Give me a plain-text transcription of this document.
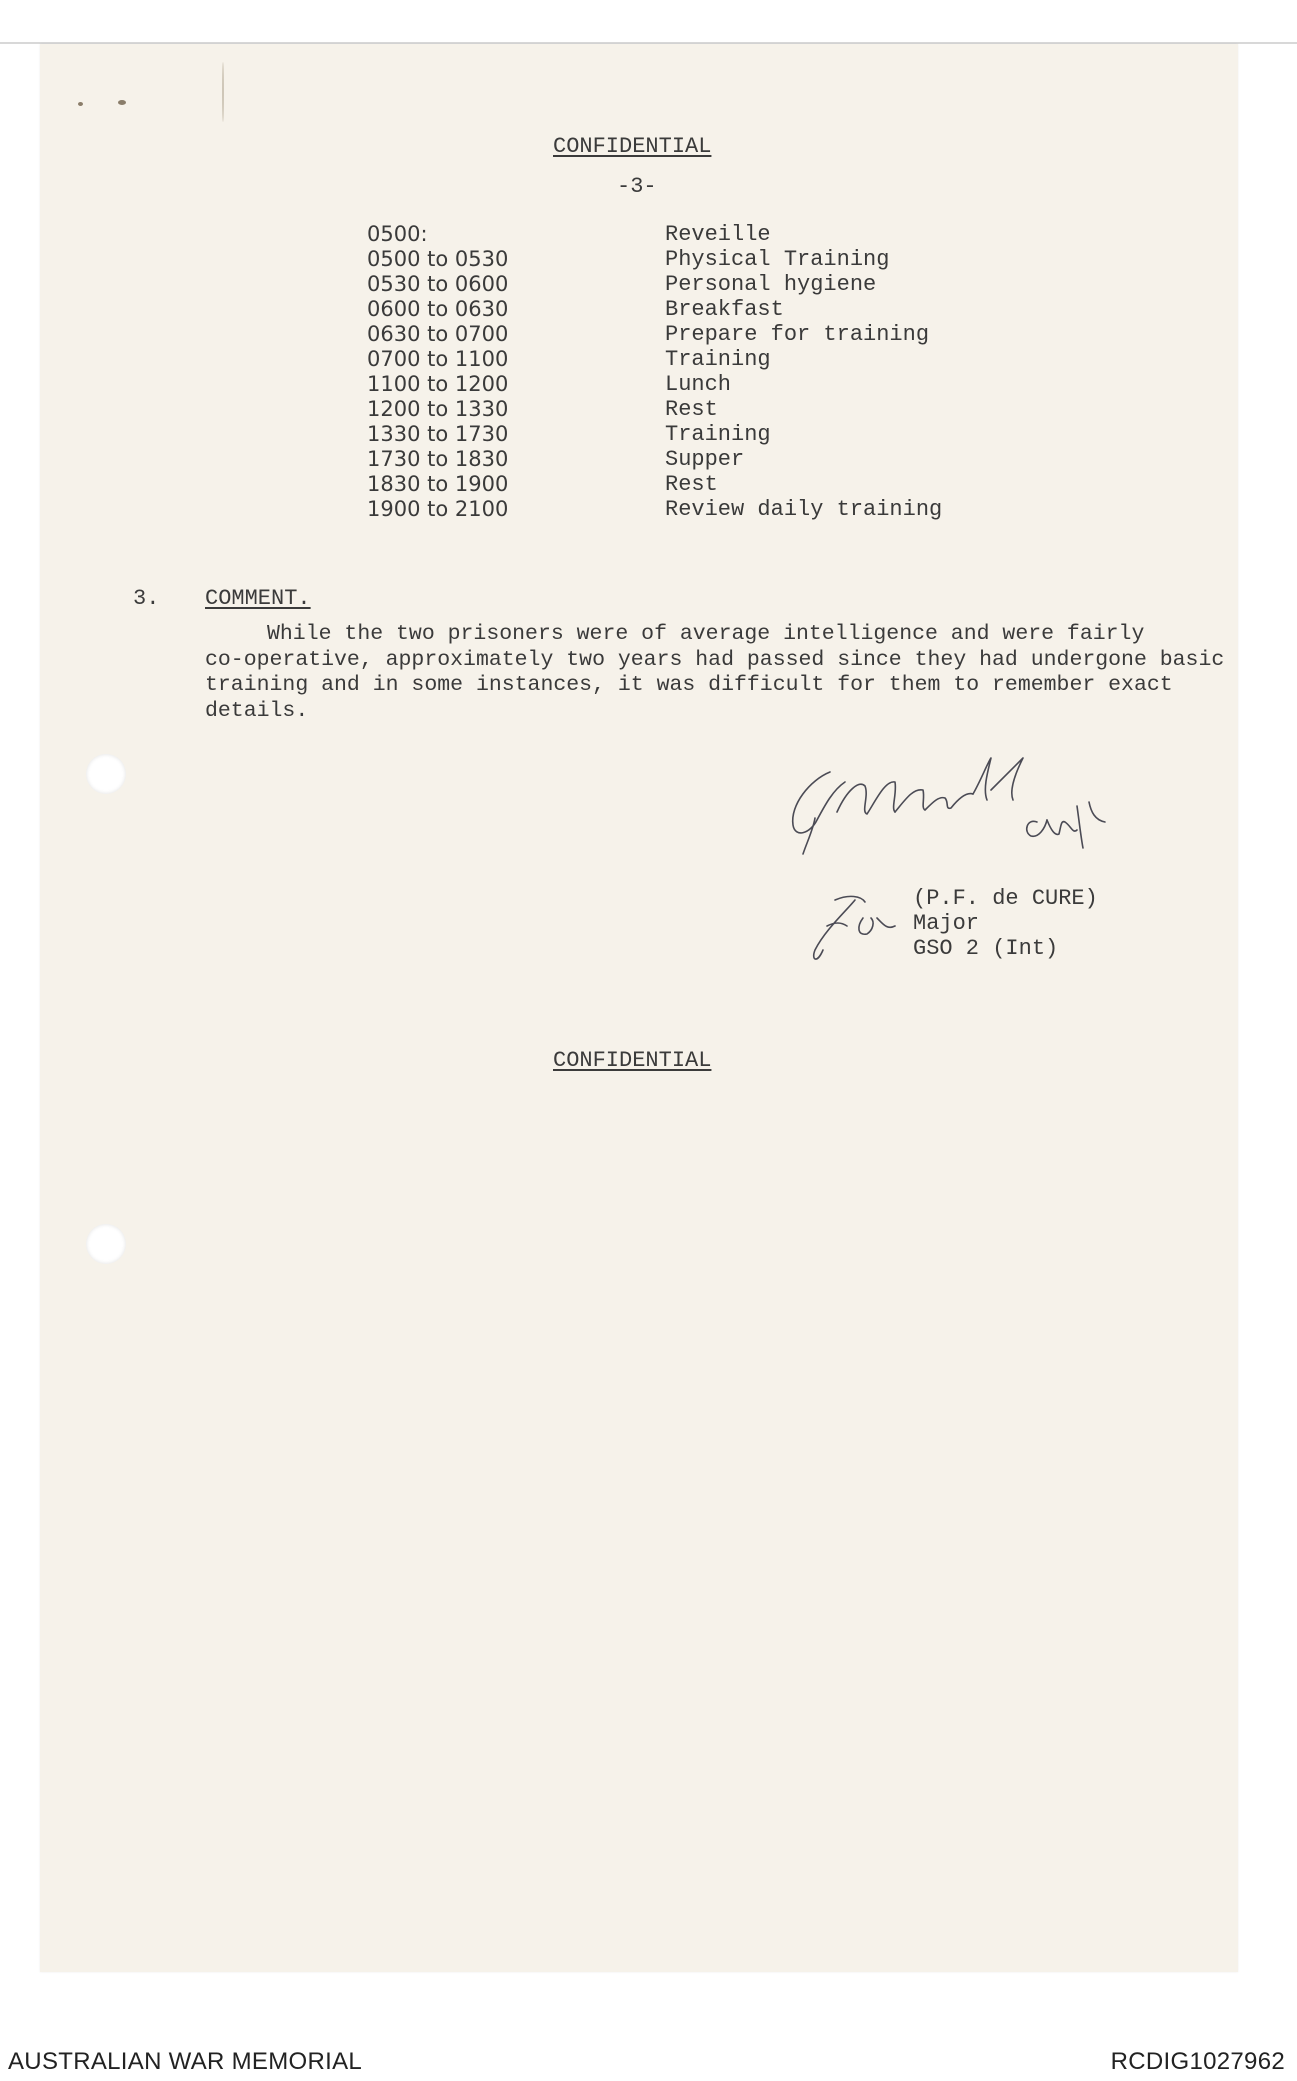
CONFIDENTIAL
-3-
0500:	Reveille
0500 to 0530	Physical Training
0530 to 0600	Personal hygiene
0600 to 0630	Breakfast
0630 to 0700	Prepare for training
0700 to 1100	Training
1100 to 1200	Lunch
1200 to 1330	Rest
1330 to 1730	Training
1730 to 1830	Supper
1830 to 1900	Rest
1900 to 2100	Review daily training
3. COMMENT.
While the two prisoners were of average intelligence and were fairly
co-operative, approximately two years had passed since they had undergone basic
training and in some instances, it was difficult for them to remember exact
details.
(P.F. de CURE)
Major
GSO 2 (Int)
CONFIDENTIAL
AUSTRALIAN WAR MEMORIAL	RCDIG1027962
